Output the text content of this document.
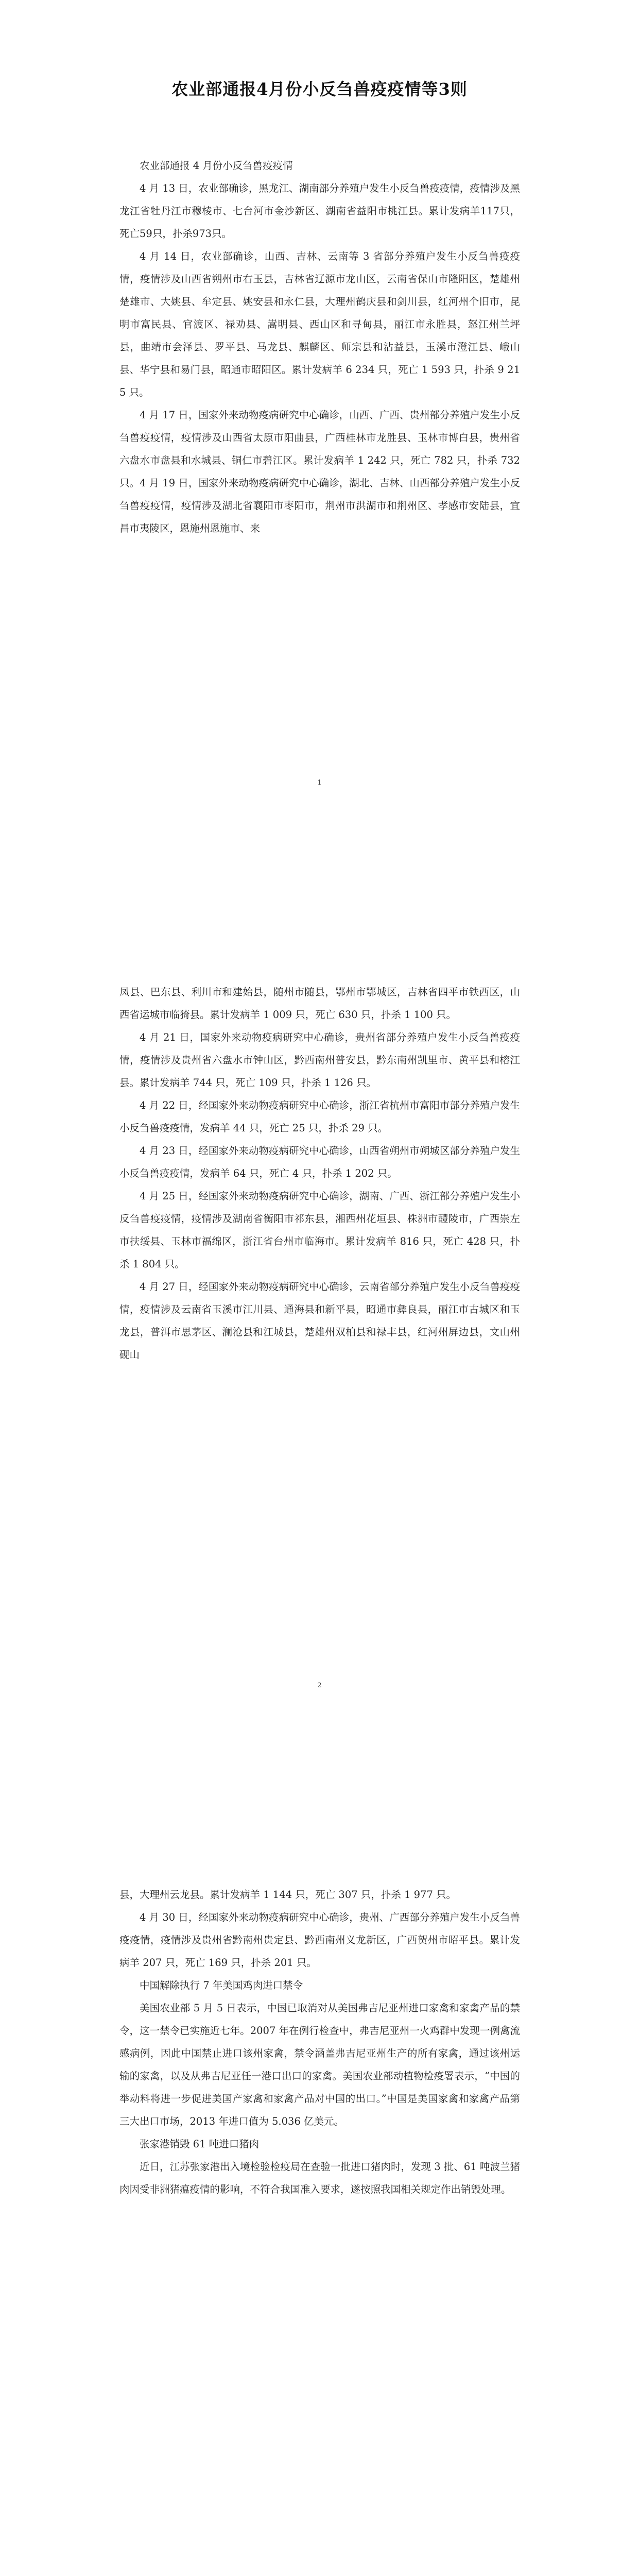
农业部通报4月份小反刍兽疫疫情等3则

农业部通报 4 月份小反刍兽疫疫情

4 月 13 日，农业部确诊，黑龙江、湖南部分养殖户发生小反刍兽疫疫情，疫情涉及黑龙江省牡丹江市穆棱市、七台河市金沙新区、湖南省益阳市桃江县。累计发病羊117只，死亡59只，扑杀973只。

4 月 14 日，农业部确诊，山西、吉林、云南等 3 省部分养殖户发生小反刍兽疫疫情，疫情涉及山西省朔州市右玉县，吉林省辽源市龙山区，云南省保山市隆阳区，楚雄州楚雄市、大姚县、牟定县、姚安县和永仁县，大理州鹤庆县和剑川县，红河州个旧市，昆明市富民县、官渡区、禄劝县、嵩明县、西山区和寻甸县，丽江市永胜县，怒江州兰坪县，曲靖市会泽县、罗平县、马龙县、麒麟区、师宗县和沾益县，玉溪市澄江县、峨山县、华宁县和易门县，昭通市昭阳区。累计发病羊 6 234 只，死亡 1 593 只，扑杀 9 215 只。

4 月 17 日，国家外来动物疫病研究中心确诊，山西、广西、贵州部分养殖户发生小反刍兽疫疫情，疫情涉及山西省太原市阳曲县，广西桂林市龙胜县、玉林市博白县，贵州省六盘水市盘县和水城县、铜仁市碧江区。累计发病羊 1 242 只，死亡 782 只，扑杀 732 只。4 月 19 日，国家外来动物疫病研究中心确诊，湖北、吉林、山西部分养殖户发生小反刍兽疫疫情，疫情涉及湖北省襄阳市枣阳市，荆州市洪湖市和荆州区、孝感市安陆县，宜昌市夷陵区，恩施州恩施市、来

1

凤县、巴东县、利川市和建始县，随州市随县，鄂州市鄂城区，吉林省四平市铁西区，山西省运城市临猗县。累计发病羊 1 009 只，死亡 630 只，扑杀 1 100 只。

4 月 21 日，国家外来动物疫病研究中心确诊，贵州省部分养殖户发生小反刍兽疫疫情，疫情涉及贵州省六盘水市钟山区，黔西南州普安县，黔东南州凯里市、黄平县和榕江县。累计发病羊 744 只，死亡 109 只，扑杀 1 126 只。

4 月 22 日，经国家外来动物疫病研究中心确诊，浙江省杭州市富阳市部分养殖户发生小反刍兽疫疫情，发病羊 44 只，死亡 25 只，扑杀 29 只。

4 月 23 日，经国家外来动物疫病研究中心确诊，山西省朔州市朔城区部分养殖户发生小反刍兽疫疫情，发病羊 64 只，死亡 4 只，扑杀 1 202 只。

4 月 25 日，经国家外来动物疫病研究中心确诊，湖南、广西、浙江部分养殖户发生小反刍兽疫疫情，疫情涉及湖南省衡阳市祁东县，湘西州花垣县、株洲市醴陵市，广西崇左市扶绥县、玉林市福绵区，浙江省台州市临海市。累计发病羊 816 只，死亡 428 只，扑杀 1 804 只。

4 月 27 日，经国家外来动物疫病研究中心确诊，云南省部分养殖户发生小反刍兽疫疫情，疫情涉及云南省玉溪市江川县、通海县和新平县，昭通市彝良县，丽江市古城区和玉龙县，普洱市思茅区、澜沧县和江城县，楚雄州双柏县和禄丰县，红河州屏边县，文山州砚山

2

县，大理州云龙县。累计发病羊 1 144 只，死亡 307 只，扑杀 1 977 只。

4 月 30 日，经国家外来动物疫病研究中心确诊，贵州、广西部分养殖户发生小反刍兽疫疫情，疫情涉及贵州省黔南州贵定县、黔西南州义龙新区，广西贺州市昭平县。累计发病羊 207 只，死亡 169 只，扑杀 201 只。

中国解除执行 7 年美国鸡肉进口禁令

美国农业部 5 月 5 日表示，中国已取消对从美国弗吉尼亚州进口家禽和家禽产品的禁令，这一禁令已实施近七年。2007 年在例行检查中，弗吉尼亚州一火鸡群中发现一例禽流感病例，因此中国禁止进口该州家禽，禁令涵盖弗吉尼亚州生产的所有家禽，通过该州运输的家禽，以及从弗吉尼亚任一港口出口的家禽。美国农业部动植物检疫署表示，“中国的举动料将进一步促进美国产家禽和家禽产品对中国的出口。”中国是美国家禽和家禽产品第三大出口市场，2013 年进口值为 5.036 亿美元。

张家港销毁 61 吨进口猪肉

近日，江苏张家港出入境检验检疫局在查验一批进口猪肉时，发现 3 批、61 吨波兰猪肉因受非洲猪瘟疫情的影响，不符合我国准入要求，遂按照我国相关规定作出销毁处理。
